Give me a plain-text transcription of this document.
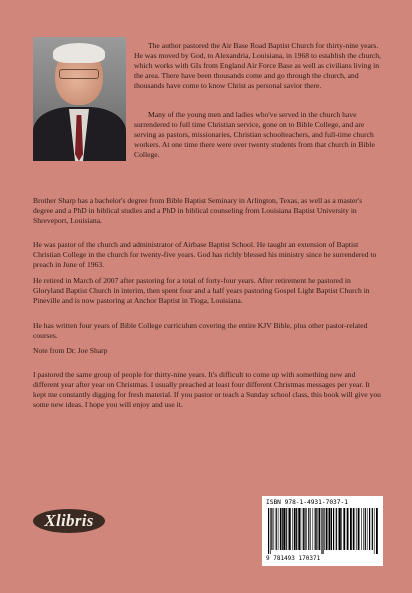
The author pastored the Air Base Road Baptist Church for thirty-nine years. He was moved by God, to Alexandria, Louisiana, in 1968 to establish the church, which works with GIs from England Air Force Base as well as civilians living in the area. There have been thousands come and go through the church, and thousands have come to know Christ as personal savior there.

Many of the young men and ladies who've served in the church have surrendered to full time Christian service, gone on to Bible College, and are serving as pastors, missionaries, Christian schoolteachers, and full-time church workers. At one time there were over twenty students from that church in Bible College.

Brother Sharp has a bachelor's degree from Bible Baptist Seminary in Arlington, Texas, as well as a master's degree and a PhD in biblical studies and a PhD in biblical counseling from Louisiana Baptist University in Shreveport, Louisiana.

He was pastor of the church and administrator of Airbase Baptist School. He taught an extension of Baptist Christian College in the church for twenty-five years. God has richly blessed his ministry since he surrendered to preach in June of 1963.

He retired in March of 2007 after pastoring for a total of forty-four years. After retirement he pastored in Gloryland Baptist Church in interim, then spent four and a half years pastoring Gospel Light Baptist Church in Pineville and is now pastoring at Anchor Baptist in Tioga, Louisiana.

He has written four years of Bible College curriculum covering the entire KJV Bible, plus other pastor-related courses.

Note from Dr. Joe Sharp

I pastored the same group of people for thirty-nine years. It's difficult to come up with something new and different year after year on Christmas. I usually preached at least four different Christmas messages per year. It kept me constantly digging for fresh material. If you pastor or teach a Sunday school class, this book will give you some new ideas. I hope you will enjoy and use it.

Xlibris
ISBN 978-1-4931-7037-1
9 781493 170371
